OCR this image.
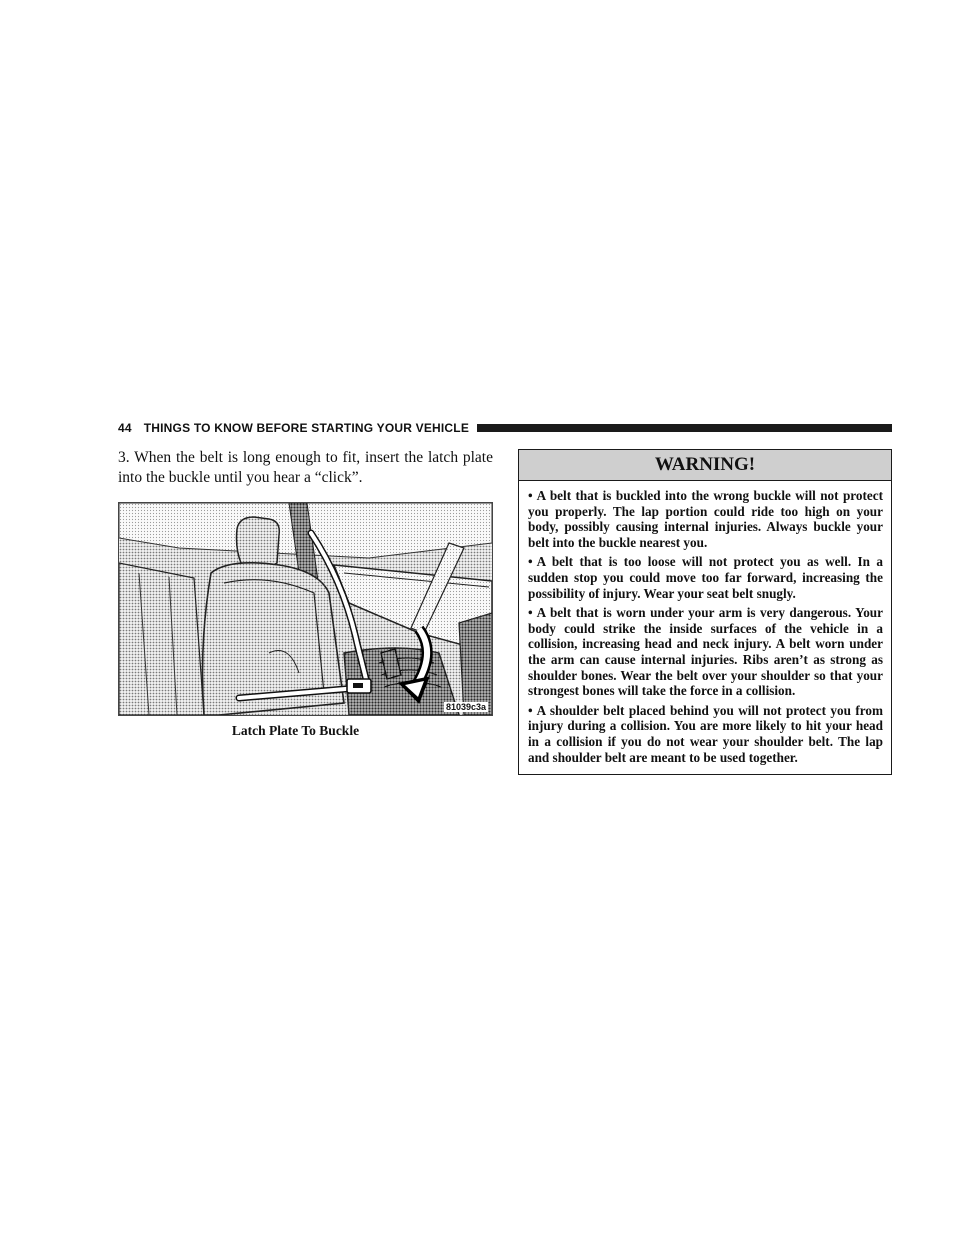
44 THINGS TO KNOW BEFORE STARTING YOUR VEHICLE

3. When the belt is long enough to fit, insert the latch plate into the buckle until you hear a “click”.

81039c3a
Latch Plate To Buckle
WARNING!

• A belt that is buckled into the wrong buckle will not protect you properly. The lap portion could ride too high on your body, possibly causing internal injuries. Always buckle your belt into the buckle nearest you.

• A belt that is too loose will not protect you as well. In a sudden stop you could move too far forward, increasing the possibility of injury. Wear your seat belt snugly.

• A belt that is worn under your arm is very dangerous. Your body could strike the inside surfaces of the vehicle in a collision, increasing head and neck injury. A belt worn under the arm can cause internal injuries. Ribs aren’t as strong as shoulder bones. Wear the belt over your shoulder so that your strongest bones will take the force in a collision.

• A shoulder belt placed behind you will not protect you from injury during a collision. You are more likely to hit your head in a collision if you do not wear your shoulder belt. The lap and shoulder belt are meant to be used together.
